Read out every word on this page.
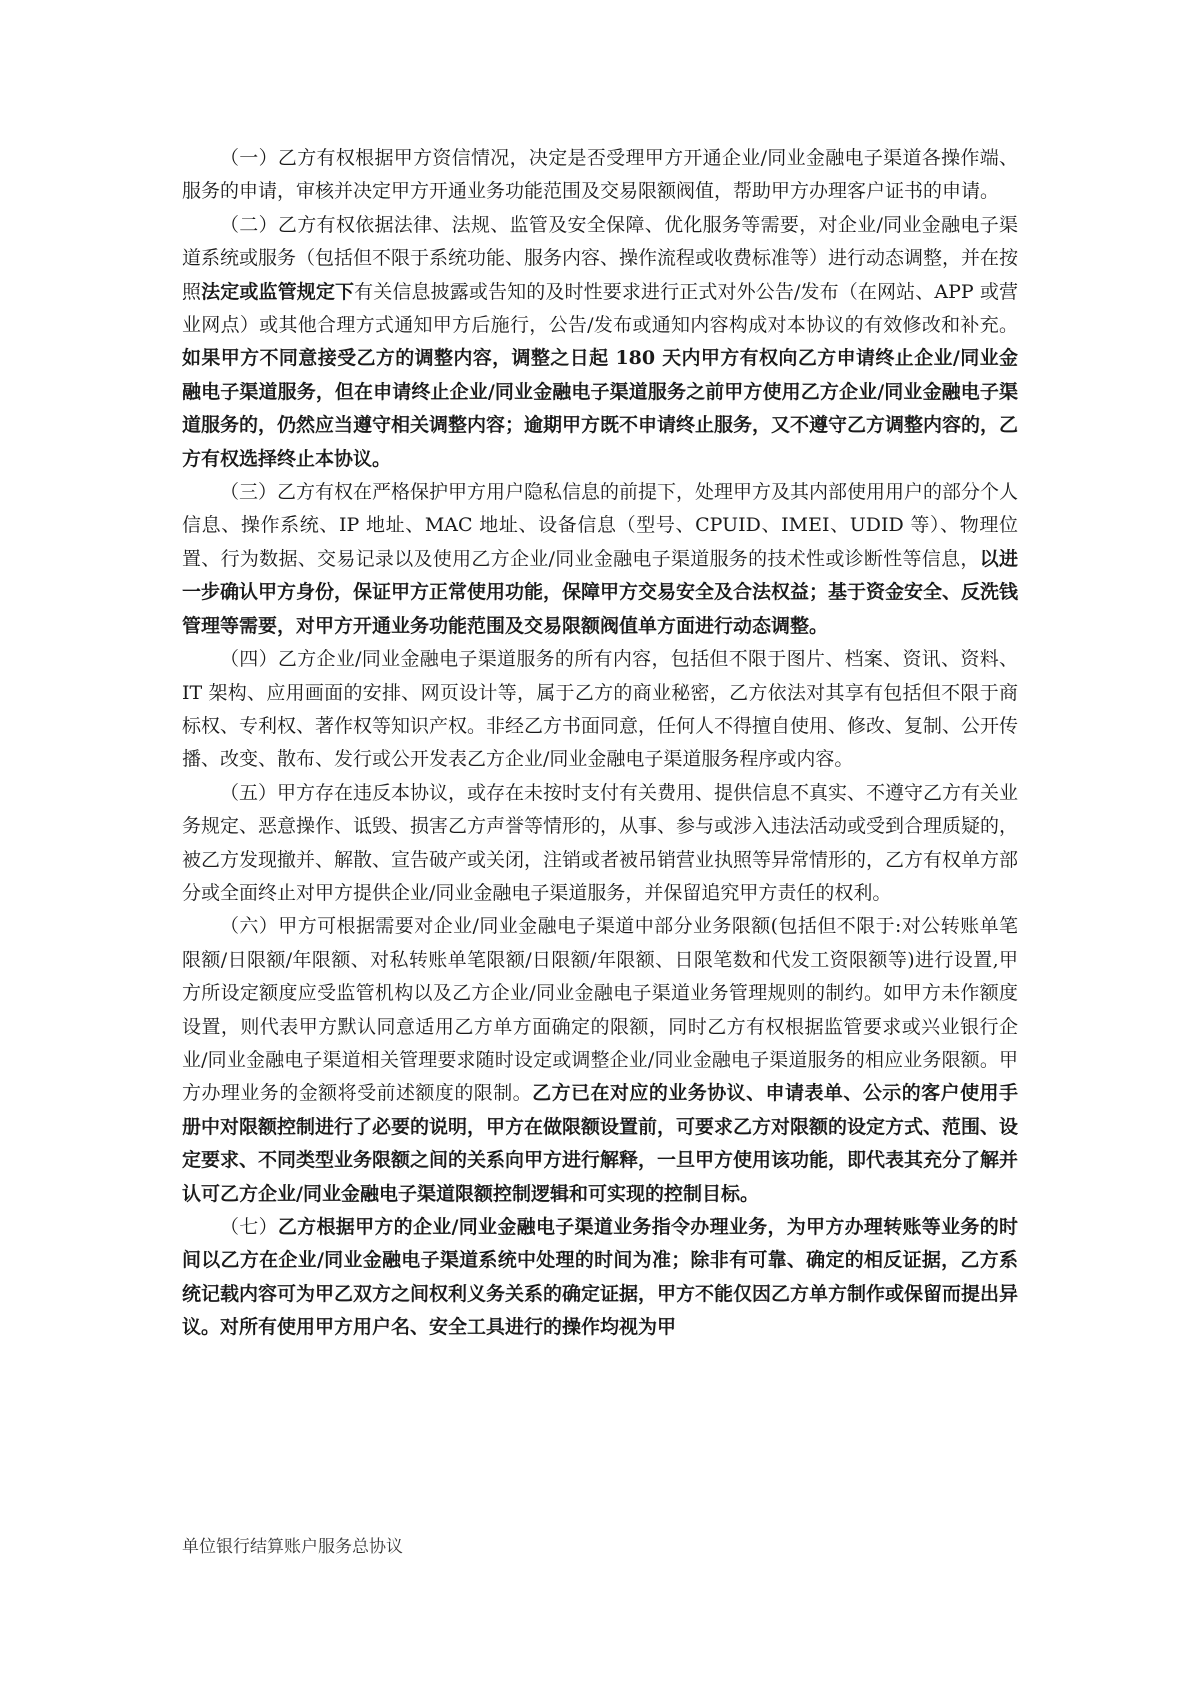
（一）乙方有权根据甲方资信情况，决定是否受理甲方开通企业/同业金融电子渠道各操作端、服务的申请，审核并决定甲方开通业务功能范围及交易限额阀值，帮助甲方办理客户证书的申请。

（二）乙方有权依据法律、法规、监管及安全保障、优化服务等需要，对企业/同业金融电子渠道系统或服务（包括但不限于系统功能、服务内容、操作流程或收费标准等）进行动态调整，并在按照法定或监管规定下有关信息披露或告知的及时性要求进行正式对外公告/发布（在网站、APP 或营业网点）或其他合理方式通知甲方后施行，公告/发布或通知内容构成对本协议的有效修改和补充。如果甲方不同意接受乙方的调整内容，调整之日起 180 天内甲方有权向乙方申请终止企业/同业金融电子渠道服务，但在申请终止企业/同业金融电子渠道服务之前甲方使用乙方企业/同业金融电子渠道服务的，仍然应当遵守相关调整内容；逾期甲方既不申请终止服务，又不遵守乙方调整内容的，乙方有权选择终止本协议。

（三）乙方有权在严格保护甲方用户隐私信息的前提下，处理甲方及其内部使用用户的部分个人信息、操作系统、IP 地址、MAC 地址、设备信息（型号、CPUID、IMEI、UDID 等）、物理位置、行为数据、交易记录以及使用乙方企业/同业金融电子渠道服务的技术性或诊断性等信息，以进一步确认甲方身份，保证甲方正常使用功能，保障甲方交易安全及合法权益；基于资金安全、反洗钱管理等需要，对甲方开通业务功能范围及交易限额阀值单方面进行动态调整。

（四）乙方企业/同业金融电子渠道服务的所有内容，包括但不限于图片、档案、资讯、资料、IT 架构、应用画面的安排、网页设计等，属于乙方的商业秘密，乙方依法对其享有包括但不限于商标权、专利权、著作权等知识产权。非经乙方书面同意，任何人不得擅自使用、修改、复制、公开传播、改变、散布、发行或公开发表乙方企业/同业金融电子渠道服务程序或内容。

（五）甲方存在违反本协议，或存在未按时支付有关费用、提供信息不真实、不遵守乙方有关业务规定、恶意操作、诋毁、损害乙方声誉等情形的，从事、参与或涉入违法活动或受到合理质疑的，被乙方发现撤并、解散、宣告破产或关闭，注销或者被吊销营业执照等异常情形的，乙方有权单方部分或全面终止对甲方提供企业/同业金融电子渠道服务，并保留追究甲方责任的权利。

（六）甲方可根据需要对企业/同业金融电子渠道中部分业务限额(包括但不限于:对公转账单笔限额/日限额/年限额、对私转账单笔限额/日限额/年限额、日限笔数和代发工资限额等)进行设置,甲方所设定额度应受监管机构以及乙方企业/同业金融电子渠道业务管理规则的制约。如甲方未作额度设置，则代表甲方默认同意适用乙方单方面确定的限额，同时乙方有权根据监管要求或兴业银行企业/同业金融电子渠道相关管理要求随时设定或调整企业/同业金融电子渠道服务的相应业务限额。甲方办理业务的金额将受前述额度的限制。乙方已在对应的业务协议、申请表单、公示的客户使用手册中对限额控制进行了必要的说明，甲方在做限额设置前，可要求乙方对限额的设定方式、范围、设定要求、不同类型业务限额之间的关系向甲方进行解释，一旦甲方使用该功能，即代表其充分了解并认可乙方企业/同业金融电子渠道限额控制逻辑和可实现的控制目标。

（七）乙方根据甲方的企业/同业金融电子渠道业务指令办理业务，为甲方办理转账等业务的时间以乙方在企业/同业金融电子渠道系统中处理的时间为准；除非有可靠、确定的相反证据，乙方系统记载内容可为甲乙双方之间权利义务关系的确定证据，甲方不能仅因乙方单方制作或保留而提出异议。对所有使用甲方用户名、安全工具进行的操作均视为甲

单位银行结算账户服务总协议
